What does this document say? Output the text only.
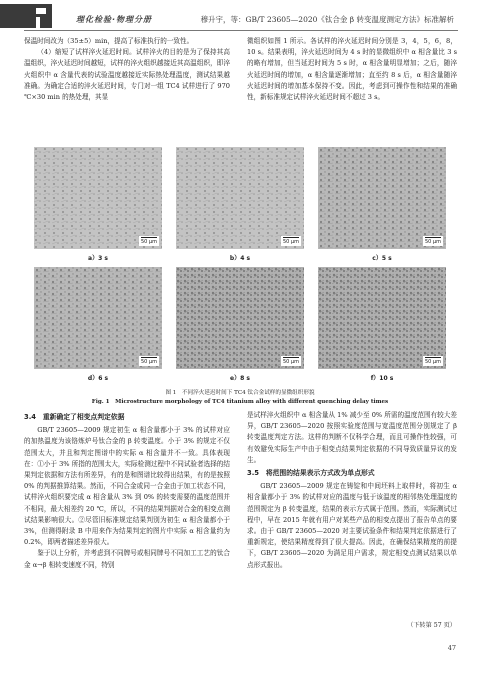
理化检验·物理分册	穆升宇，等：GB/T 23605—2020《钛合金 β 转变温度测定方法》标准解析

保温时间改为（35±5）min，提高了标准执行的一致性。

（4）缩短了试样淬火延迟时间。试样淬火的目的是为了保持其高温组织，淬火延迟时间越短，试样的淬火组织越接近其高温组织，即淬火组织中 α 含量代表的试验温度越接近实际热处理温度，测试结果越准确。为确定合适的淬火延迟时间，专门对一组 TC4 试样进行了 970 ℃×30 min 的热处理，其显

微组织如图 1 所示。各试样的淬火延迟时间分别是 3，4，5，6，8，10 s。结果表明，淬火延迟时间为 4 s 时的显微组织中 α 相含量比 3 s 的略有增加，但当延迟时间为 5 s 时，α 相含量明显增加；之后，随淬火延迟时间的增加，α 相含量逐渐增加；直至约 8 s 后，α 相含量随淬火延迟时间的增加基本保持不变。因此，考虑到可操作性和结果的准确性，新标准规定试样淬火延迟时间不超过 3 s。

50 μm	50 μm	50 μm
a）3 s	b）4 s	c）5 s
50 μm	50 μm	50 μm
d）6 s	e）8 s	f）10 s
图 1　不同淬火延迟时间下 TC4 钛合金试样的显微组织形貌
Fig. 1　Microstructure morphology of TC4 titanium alloy with different quenching delay times
3.4　重新确定了相变点判定依据

GB/T 23605—2009 规定初生 α 相含量都小于 3% 的试样对应的加热温度为该铬炼炉号钛合金的 β 转变温度。小于 3% 的规定不仅范围太大，并且和判定图谱中的实际 α 相含量并不一致。具体表现在：①小于 3% 所指的范围太大，实际检测过程中不同试验者选择的结果判定依据和方法有所差异，有的是和图谱比较得出结果，有的是按照 0% 的判据推算结果。然而，不同合金或同一合金由于加工状态不同，试样淬火组织要完成 α 相含量从 3% 到 0% 的转变需要的温度范围并不相同，最大相差约 20 ℃，所以，不同的结果判据对合金的相变点测试结果影响很大。②尽管旧标准规定结果判别为初生 α 相含量都小于 3%，但测得附录 B 中用来作为结果判定的图片中实际 α 相含量约为 0.2%，即两者描述差异很大。

鉴于以上分析，并考虑到不同牌号或相同牌号不同加工工艺的钛合金 α→β 相转变速度不同，特别

是试样淬火组织中 α 相含量从 1% 减少至 0% 所需的温度范围有较大差异，GB/T 23605—2020 按照实验度范围与宽温度范围分别规定了 β 转变温度判定方法。这样的判断不仅科学合理，而且可操作性较强，可有效避免实际生产中由于相变点结果判定依据的不同导致质量异议的发生。

3.5　将范围的结果表示方式改为单点形式

GB/T 23605—2009 规定在铸锭和中间坯料上取样时，将初生 α 相含量都小于 3% 的试样对应的温度与低于该温度的相邻热处理温度的范围规定为 β 转变温度，结果的表示方式属于范围。然而，实际测试过程中，早在 2015 年就有用户对某些产品的相变点提出了报告单点的要求。由于 GB/T 23605—2020 对主要试验条件和结果判定依据进行了重新规定，使结果精度得到了很大提高。因此，在确保结果精度的前提下，GB/T 23605—2020 为满足用户需求，规定相变点测试结果以单点形式报出。

（下转第 57 页）
47
